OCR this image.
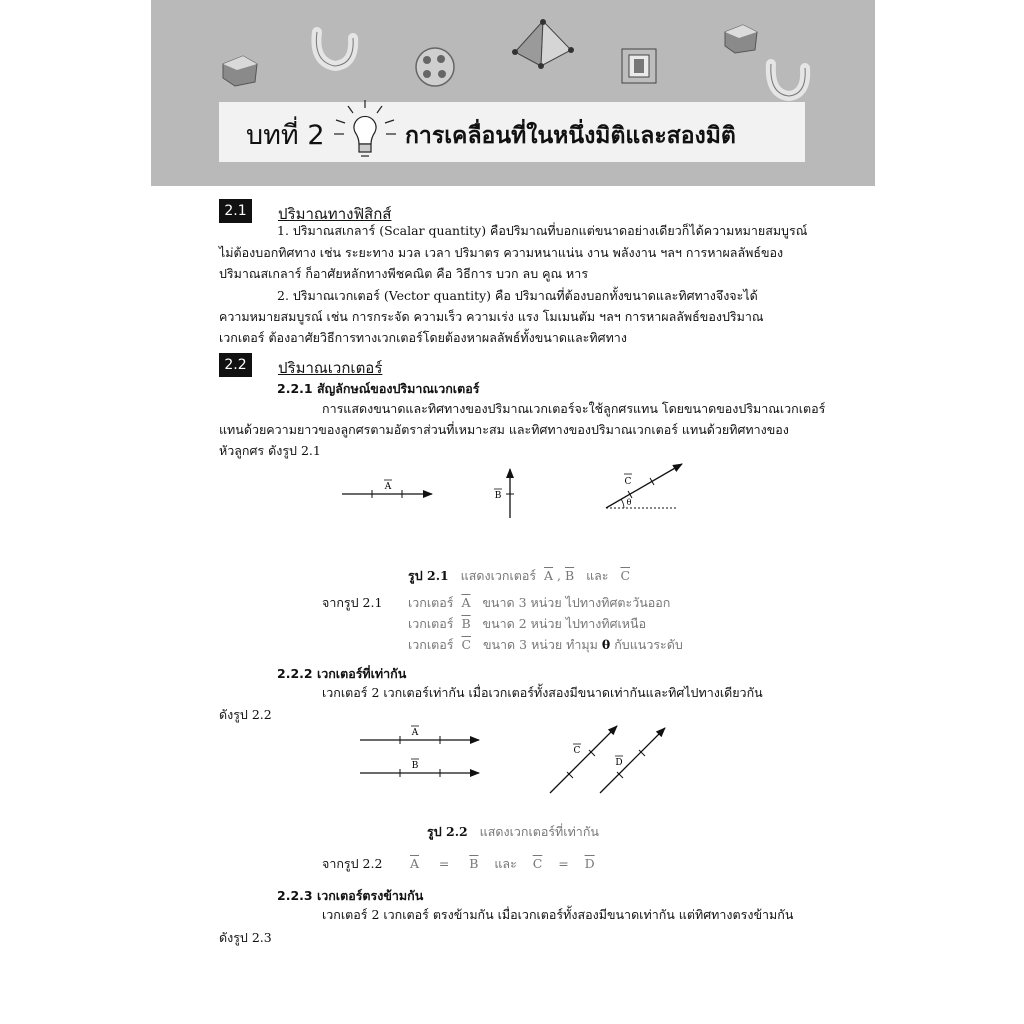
บทที่ 2	การเคลื่อนที่ในหนึ่งมิติและสองมิติ
2.1	ปริมาณทางฟิสิกส์
1. ปริมาณสเกลาร์ (Scalar quantity) คือปริมาณที่บอกแต่ขนาดอย่างเดียวก็ได้ความหมายสมบูรณ์
ไม่ต้องบอกทิศทาง เช่น ระยะทาง มวล เวลา ปริมาตร ความหนาแน่น งาน พลังงาน ฯลฯ การหาผลลัพธ์ของ
ปริมาณสเกลาร์ ก็อาศัยหลักทางพีชคณิต คือ วิธีการ บวก ลบ คูณ หาร
2. ปริมาณเวกเตอร์ (Vector quantity) คือ ปริมาณที่ต้องบอกทั้งขนาดและทิศทางจึงจะได้
ความหมายสมบูรณ์ เช่น การกระจัด ความเร็ว ความเร่ง แรง โมเมนตัม ฯลฯ การหาผลลัพธ์ของปริมาณ
เวกเตอร์ ต้องอาศัยวิธีการทางเวกเตอร์โดยต้องหาผลลัพธ์ทั้งขนาดและทิศทาง
2.2	ปริมาณเวกเตอร์
2.2.1 สัญลักษณ์ของปริมาณเวกเตอร์
การแสดงขนาดและทิศทางของปริมาณเวกเตอร์จะใช้ลูกศรแทน โดยขนาดของปริมาณเวกเตอร์
แทนด้วยความยาวของลูกศรตามอัตราส่วนที่เหมาะสม และทิศทางของปริมาณเวกเตอร์ แทนด้วยทิศทางของ
หัวลูกศร ดังรูป 2.1
A
B
θ
C
รูป 2.1 แสดงเวกเตอร์ $\overline{A}$ , $\overline{B}$ และ $\overline{C}$
จากรูป 2.1 เวกเตอร์ $\overline{A}$ ขนาด 3 หน่วย ไปทางทิศตะวันออก
เวกเตอร์ $\overline{B}$ ขนาด 2 หน่วย ไปทางทิศเหนือ
เวกเตอร์ $\overline{C}$ ขนาด 3 หน่วย ทำมุม θ กับแนวระดับ
2.2.2 เวกเตอร์ที่เท่ากัน
เวกเตอร์ 2 เวกเตอร์เท่ากัน เมื่อเวกเตอร์ทั้งสองมีขนาดเท่ากันและทิศไปทางเดียวกัน
ดังรูป 2.2
A
B
C
D
รูป 2.2 แสดงเวกเตอร์ที่เท่ากัน
จากรูป 2.2 $\overline{A} = \overline{B}$ และ $\overline{C} = \overline{D}$
2.2.3 เวกเตอร์ตรงข้ามกัน
เวกเตอร์ 2 เวกเตอร์ ตรงข้ามกัน เมื่อเวกเตอร์ทั้งสองมีขนาดเท่ากัน แต่ทิศทางตรงข้ามกัน
ดังรูป 2.3
